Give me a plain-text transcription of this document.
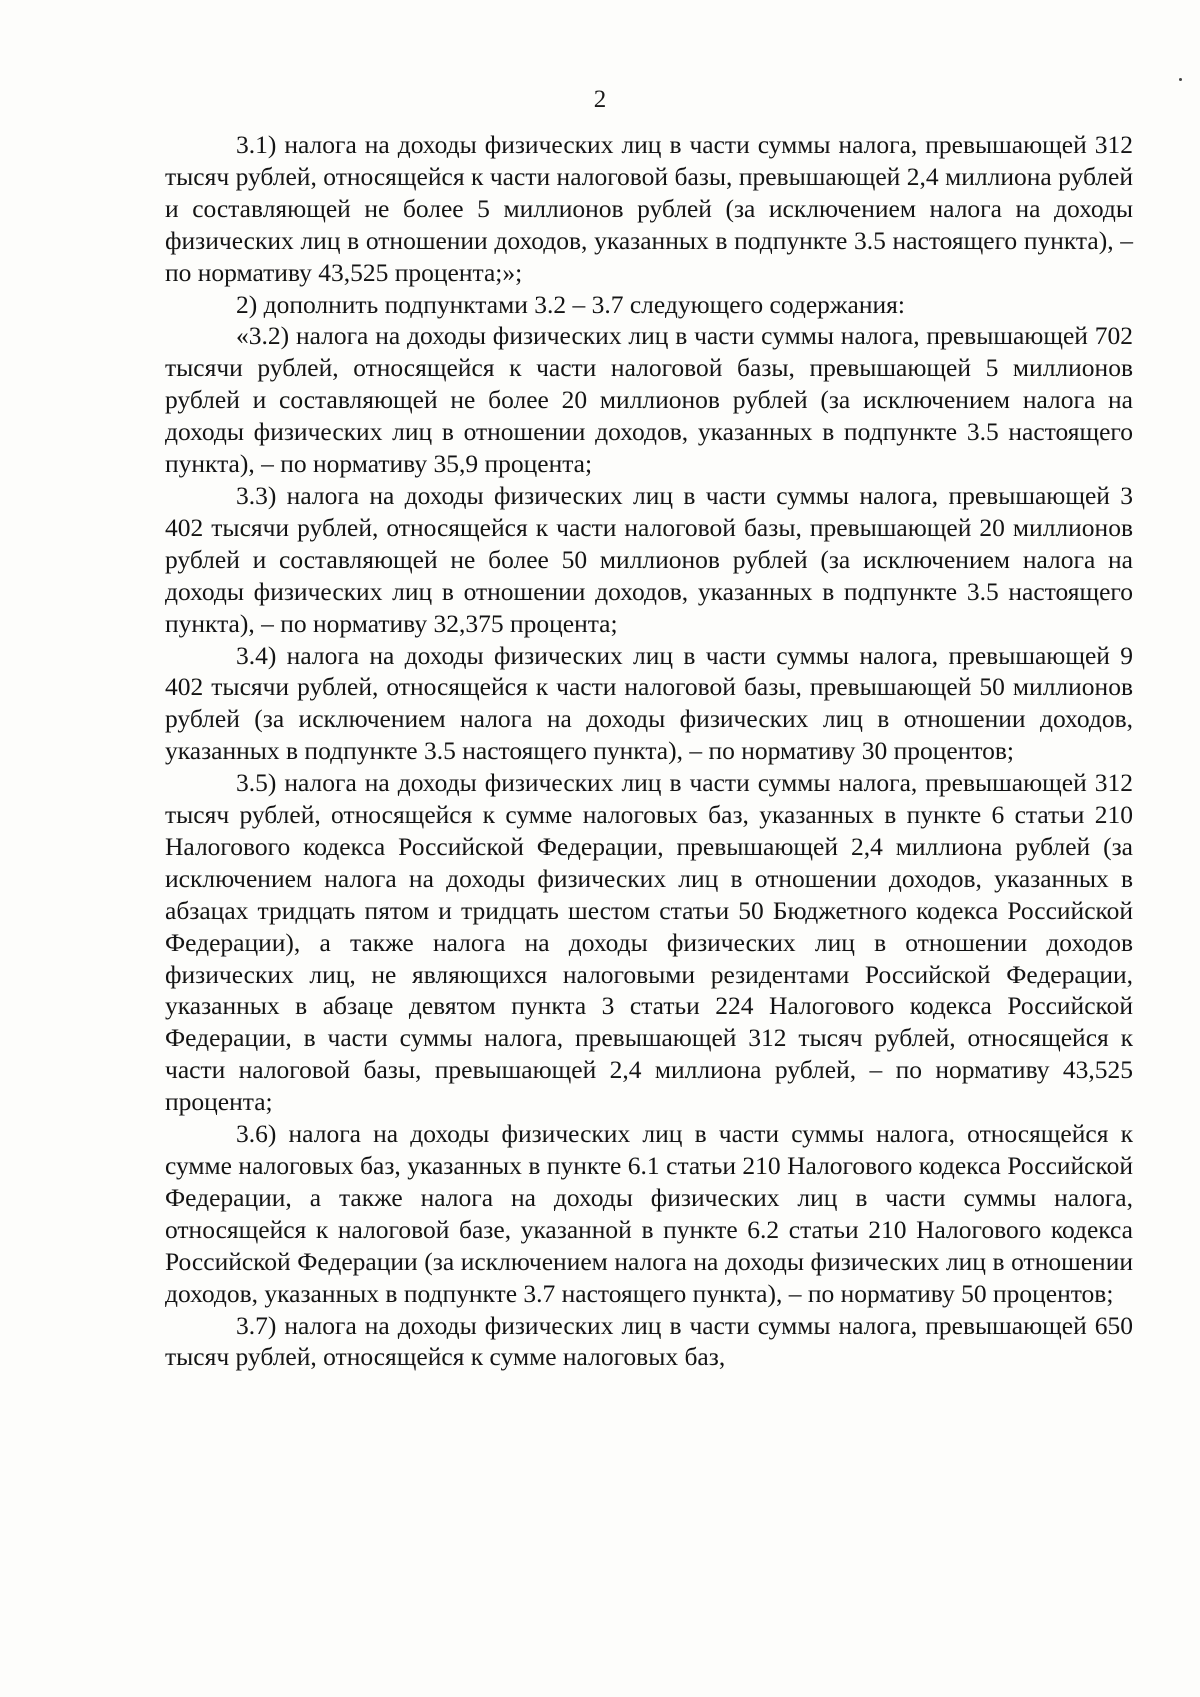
2

3.1) налога на доходы физических лиц в части суммы налога, превышающей 312 тысяч рублей, относящейся к части налоговой базы, превышающей 2,4 миллиона рублей и составляющей не более 5 миллионов рублей (за исключением налога на доходы физических лиц в отношении доходов, указанных в подпункте 3.5 настоящего пункта), – по нормативу 43,525 процента;»;

2) дополнить подпунктами 3.2 – 3.7 следующего содержания:

«3.2) налога на доходы физических лиц в части суммы налога, превышающей 702 тысячи рублей, относящейся к части налоговой базы, превышающей 5 миллионов рублей и составляющей не более 20 миллионов рублей (за исключением налога на доходы физических лиц в отношении доходов, указанных в подпункте 3.5 настоящего пункта), – по нормативу 35,9 процента;

3.3) налога на доходы физических лиц в части суммы налога, превышающей 3 402 тысячи рублей, относящейся к части налоговой базы, превышающей 20 миллионов рублей и составляющей не более 50 миллионов рублей (за исключением налога на доходы физических лиц в отношении доходов, указанных в подпункте 3.5 настоящего пункта), – по нормативу 32,375 процента;

3.4) налога на доходы физических лиц в части суммы налога, превышающей 9 402 тысячи рублей, относящейся к части налоговой базы, превышающей 50 миллионов рублей (за исключением налога на доходы физических лиц в отношении доходов, указанных в подпункте 3.5 настоящего пункта), – по нормативу 30 процентов;

3.5) налога на доходы физических лиц в части суммы налога, превышающей 312 тысяч рублей, относящейся к сумме налоговых баз, указанных в пункте 6 статьи 210 Налогового кодекса Российской Федерации, превышающей 2,4 миллиона рублей (за исключением налога на доходы физических лиц в отношении доходов, указанных в абзацах тридцать пятом и тридцать шестом статьи 50 Бюджетного кодекса Российской Федерации), а также налога на доходы физических лиц в отношении доходов физических лиц, не являющихся налоговыми резидентами Российской Федерации, указанных в абзаце девятом пункта 3 статьи 224 Налогового кодекса Российской Федерации, в части суммы налога, превышающей 312 тысяч рублей, относящейся к части налоговой базы, превышающей 2,4 миллиона рублей, – по нормативу 43,525 процента;

3.6) налога на доходы физических лиц в части суммы налога, относящейся к сумме налоговых баз, указанных в пункте 6.1 статьи 210 Налогового кодекса Российской Федерации, а также налога на доходы физических лиц в части суммы налога, относящейся к налоговой базе, указанной в пункте 6.2 статьи 210 Налогового кодекса Российской Федерации (за исключением налога на доходы физических лиц в отношении доходов, указанных в подпункте 3.7 настоящего пункта), – по нормативу 50 процентов;

3.7) налога на доходы физических лиц в части суммы налога, превышающей 650 тысяч рублей, относящейся к сумме налоговых баз,
